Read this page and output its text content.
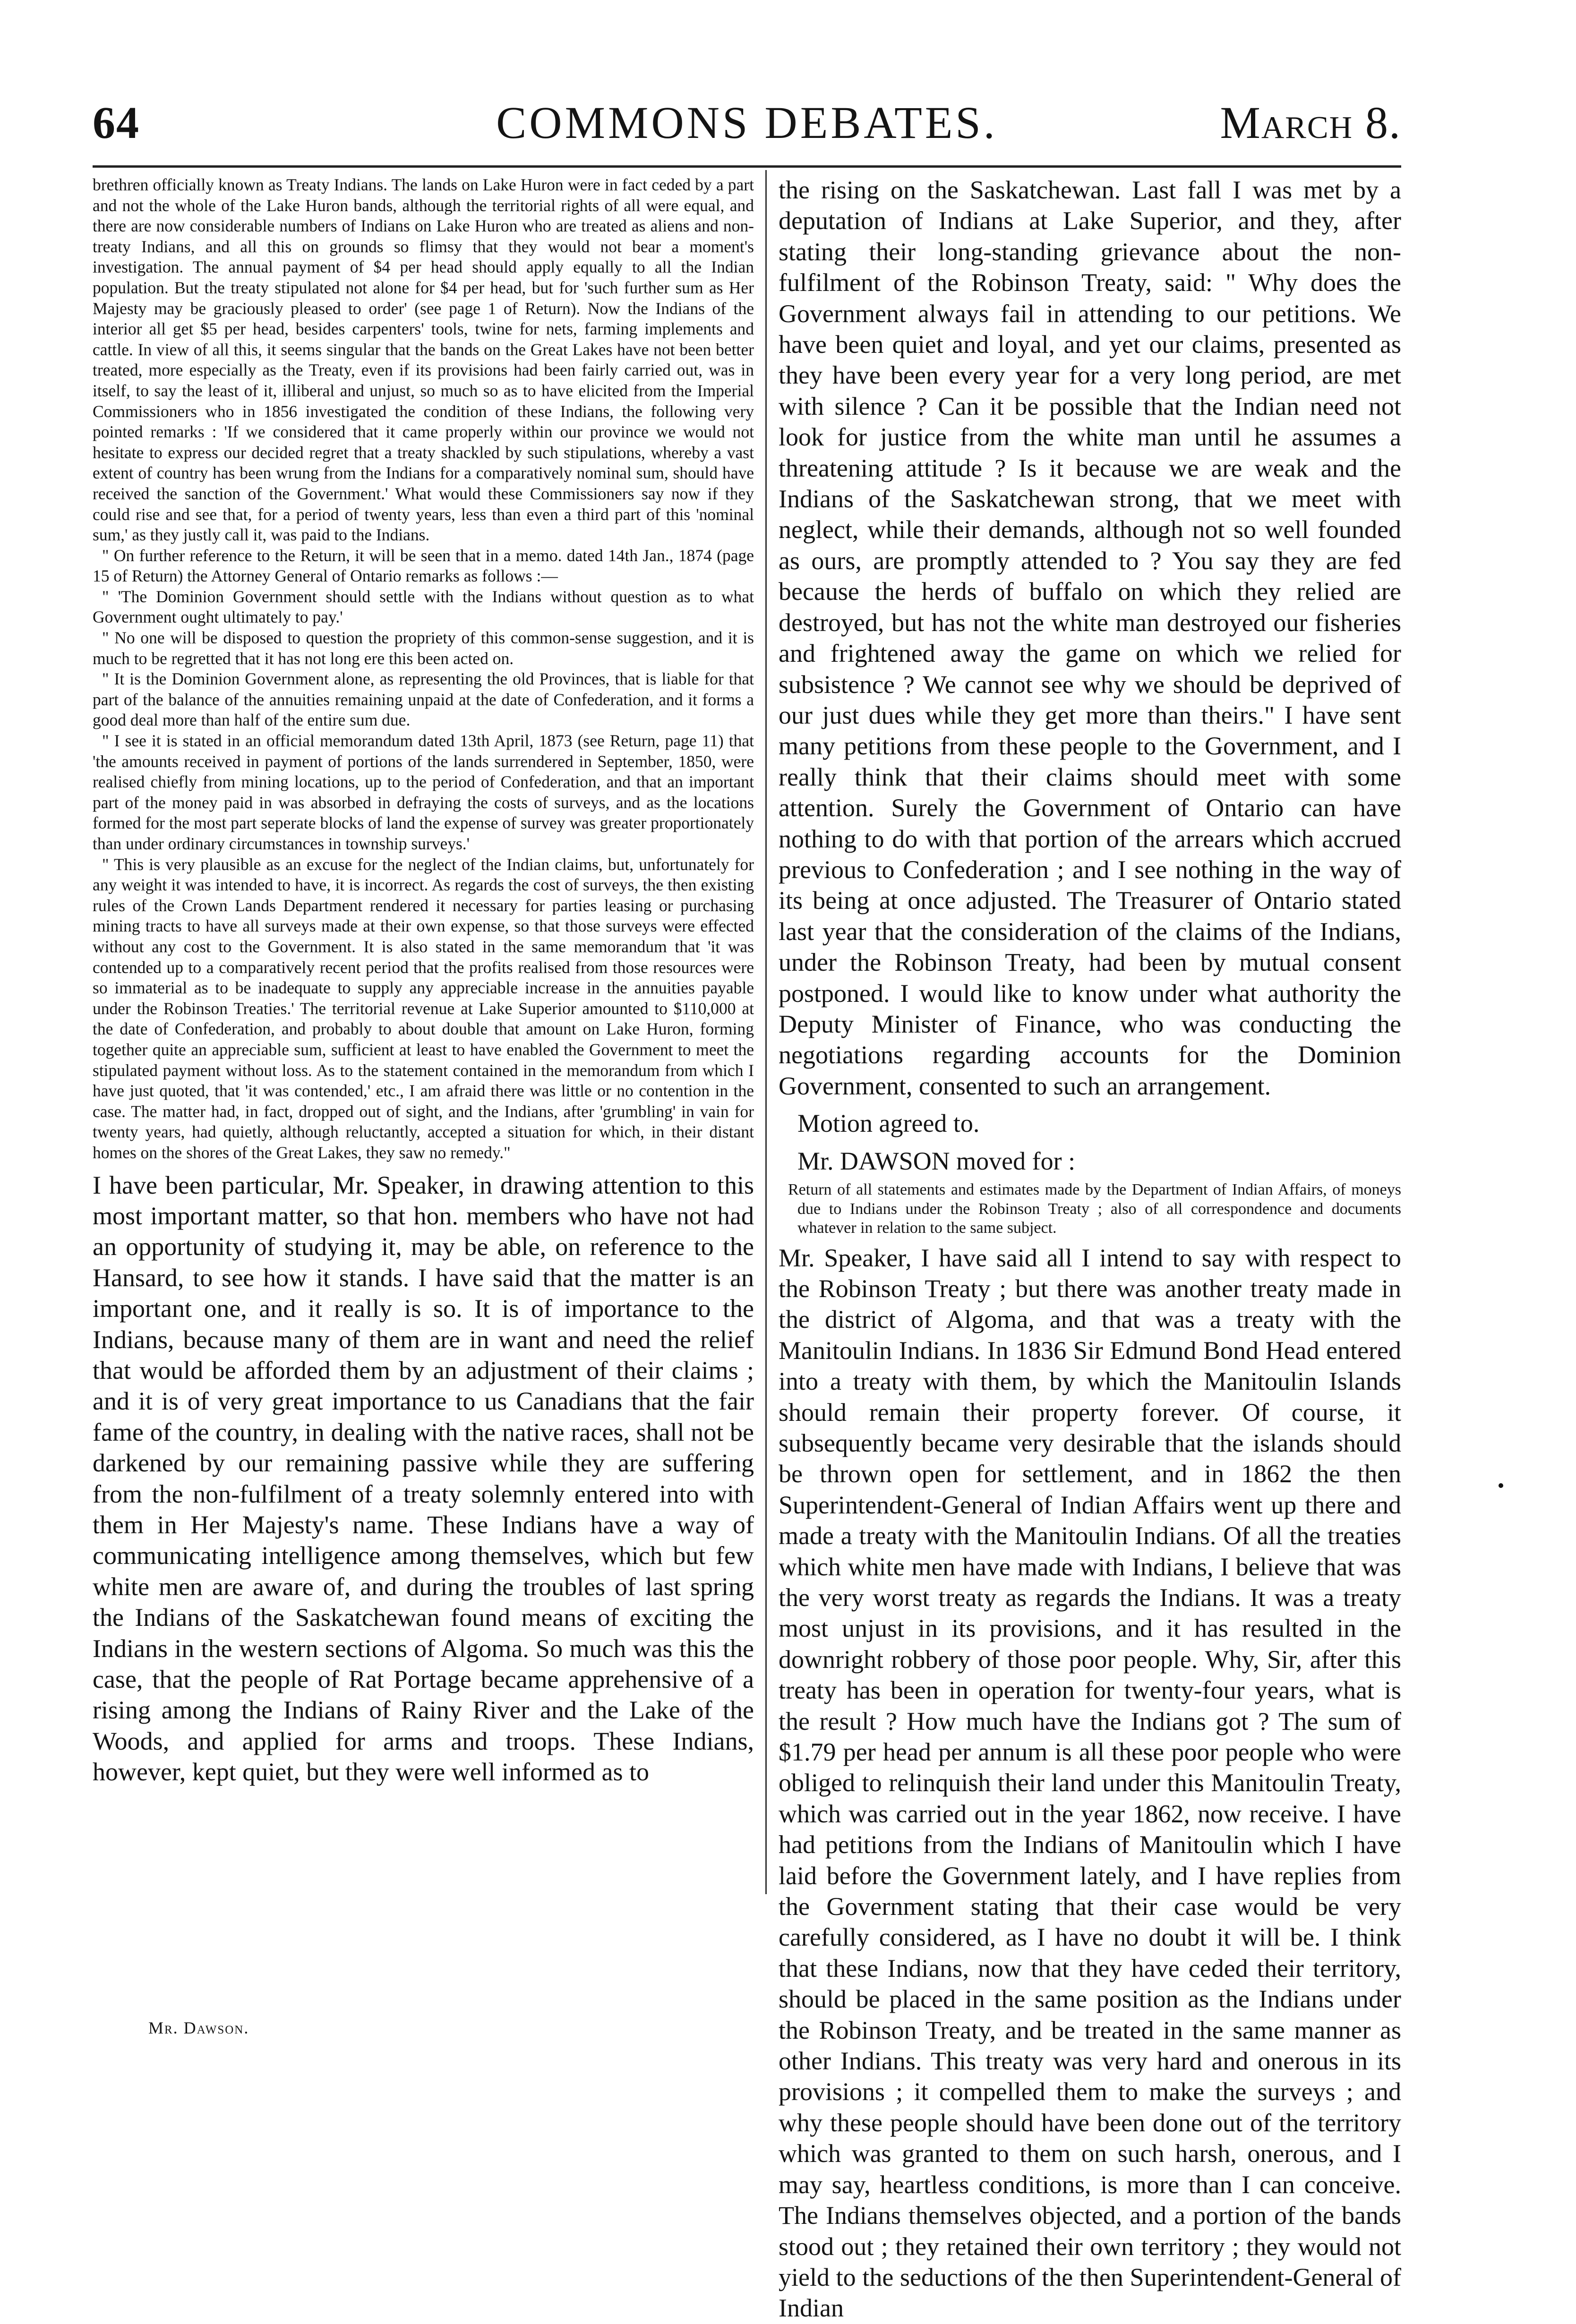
64	COMMONS DEBATES.	March 8.

brethren officially known as Treaty Indians. The lands on Lake Huron were in fact ceded by a part and not the whole of the Lake Huron bands, although the territorial rights of all were equal, and there are now considerable numbers of Indians on Lake Huron who are treated as aliens and non-treaty Indians, and all this on grounds so flimsy that they would not bear a moment's investigation. The annual payment of $4 per head should apply equally to all the Indian population. But the treaty stipulated not alone for $4 per head, but for 'such further sum as Her Majesty may be graciously pleased to order' (see page 1 of Return). Now the Indians of the interior all get $5 per head, besides carpenters' tools, twine for nets, farming implements and cattle. In view of all this, it seems singular that the bands on the Great Lakes have not been better treated, more especially as the Treaty, even if its provisions had been fairly carried out, was in itself, to say the least of it, illiberal and unjust, so much so as to have elicited from the Imperial Commissioners who in 1856 investigated the condition of these Indians, the following very pointed remarks : 'If we considered that it came properly within our province we would not hesitate to express our decided regret that a treaty shackled by such stipulations, whereby a vast extent of country has been wrung from the Indians for a comparatively nominal sum, should have received the sanction of the Government.' What would these Commissioners say now if they could rise and see that, for a period of twenty years, less than even a third part of this 'nominal sum,' as they justly call it, was paid to the Indians.

" On further reference to the Return, it will be seen that in a memo. dated 14th Jan., 1874 (page 15 of Return) the Attorney General of Ontario remarks as follows :—

" 'The Dominion Government should settle with the Indians without question as to what Government ought ultimately to pay.'

" No one will be disposed to question the propriety of this common-sense suggestion, and it is much to be regretted that it has not long ere this been acted on.

" It is the Dominion Government alone, as representing the old Provinces, that is liable for that part of the balance of the annuities remaining unpaid at the date of Confederation, and it forms a good deal more than half of the entire sum due.

" I see it is stated in an official memorandum dated 13th April, 1873 (see Return, page 11) that 'the amounts received in payment of portions of the lands surrendered in September, 1850, were realised chiefly from mining locations, up to the period of Confederation, and that an important part of the money paid in was absorbed in defraying the costs of surveys, and as the locations formed for the most part seperate blocks of land the expense of survey was greater proportionately than under ordinary circumstances in township surveys.'

" This is very plausible as an excuse for the neglect of the Indian claims, but, unfortunately for any weight it was intended to have, it is incorrect. As regards the cost of surveys, the then existing rules of the Crown Lands Department rendered it necessary for parties leasing or purchasing mining tracts to have all surveys made at their own expense, so that those surveys were effected without any cost to the Government. It is also stated in the same memorandum that 'it was contended up to a comparatively recent period that the profits realised from those resources were so immaterial as to be inadequate to supply any appreciable increase in the annuities payable under the Robinson Treaties.' The territorial revenue at Lake Superior amounted to $110,000 at the date of Confederation, and probably to about double that amount on Lake Huron, forming together quite an appreciable sum, sufficient at least to have enabled the Government to meet the stipulated payment without loss. As to the statement contained in the memorandum from which I have just quoted, that 'it was contended,' etc., I am afraid there was little or no contention in the case. The matter had, in fact, dropped out of sight, and the Indians, after 'grumbling' in vain for twenty years, had quietly, although reluctantly, accepted a situation for which, in their distant homes on the shores of the Great Lakes, they saw no remedy."

I have been particular, Mr. Speaker, in drawing attention to this most important matter, so that hon. members who have not had an opportunity of studying it, may be able, on reference to the Hansard, to see how it stands. I have said that the matter is an important one, and it really is so. It is of importance to the Indians, because many of them are in want and need the relief that would be afforded them by an adjustment of their claims ; and it is of very great importance to us Canadians that the fair fame of the country, in dealing with the native races, shall not be darkened by our remaining passive while they are suffering from the non-fulfilment of a treaty solemnly entered into with them in Her Majesty's name. These Indians have a way of communicating intelligence among themselves, which but few white men are aware of, and during the troubles of last spring the Indians of the Saskatchewan found means of exciting the Indians in the western sections of Algoma. So much was this the case, that the people of Rat Portage became apprehensive of a rising among the Indians of Rainy River and the Lake of the Woods, and applied for arms and troops. These Indians, however, kept quiet, but they were well informed as to

Mr. Dawson.

the rising on the Saskatchewan. Last fall I was met by a deputation of Indians at Lake Superior, and they, after stating their long-standing grievance about the non-fulfilment of the Robinson Treaty, said: " Why does the Government always fail in attending to our petitions. We have been quiet and loyal, and yet our claims, presented as they have been every year for a very long period, are met with silence ? Can it be possible that the Indian need not look for justice from the white man until he assumes a threatening attitude ? Is it because we are weak and the Indians of the Saskatchewan strong, that we meet with neglect, while their demands, although not so well founded as ours, are promptly attended to ? You say they are fed because the herds of buffalo on which they relied are destroyed, but has not the white man destroyed our fisheries and frightened away the game on which we relied for subsistence ? We cannot see why we should be deprived of our just dues while they get more than theirs." I have sent many petitions from these people to the Government, and I really think that their claims should meet with some attention. Surely the Government of Ontario can have nothing to do with that portion of the arrears which accrued previous to Confederation ; and I see nothing in the way of its being at once adjusted. The Treasurer of Ontario stated last year that the consideration of the claims of the Indians, under the Robinson Treaty, had been by mutual consent postponed. I would like to know under what authority the Deputy Minister of Finance, who was conducting the negotiations regarding accounts for the Dominion Government, consented to such an arrangement.

Motion agreed to.

Mr. DAWSON moved for :

Return of all statements and estimates made by the Department of Indian Affairs, of moneys due to Indians under the Robinson Treaty ; also of all correspondence and documents whatever in relation to the same subject.

Mr. Speaker, I have said all I intend to say with respect to the Robinson Treaty ; but there was another treaty made in the district of Algoma, and that was a treaty with the Manitoulin Indians. In 1836 Sir Edmund Bond Head entered into a treaty with them, by which the Manitoulin Islands should remain their property forever. Of course, it subsequently became very desirable that the islands should be thrown open for settlement, and in 1862 the then Superintendent-General of Indian Affairs went up there and made a treaty with the Manitoulin Indians. Of all the treaties which white men have made with Indians, I believe that was the very worst treaty as regards the Indians. It was a treaty most unjust in its provisions, and it has resulted in the downright robbery of those poor people. Why, Sir, after this treaty has been in operation for twenty-four years, what is the result ? How much have the Indians got ? The sum of $1.79 per head per annum is all these poor people who were obliged to relinquish their land under this Manitoulin Treaty, which was carried out in the year 1862, now receive. I have had petitions from the Indians of Manitoulin which I have laid before the Government lately, and I have replies from the Government stating that their case would be very carefully considered, as I have no doubt it will be. I think that these Indians, now that they have ceded their territory, should be placed in the same position as the Indians under the Robinson Treaty, and be treated in the same manner as other Indians. This treaty was very hard and onerous in its provisions ; it compelled them to make the surveys ; and why these people should have been done out of the territory which was granted to them on such harsh, onerous, and I may say, heartless conditions, is more than I can conceive. The Indians themselves objected, and a portion of the bands stood out ; they retained their own territory ; they would not yield to the seductions of the then Superintendent-General of Indian
